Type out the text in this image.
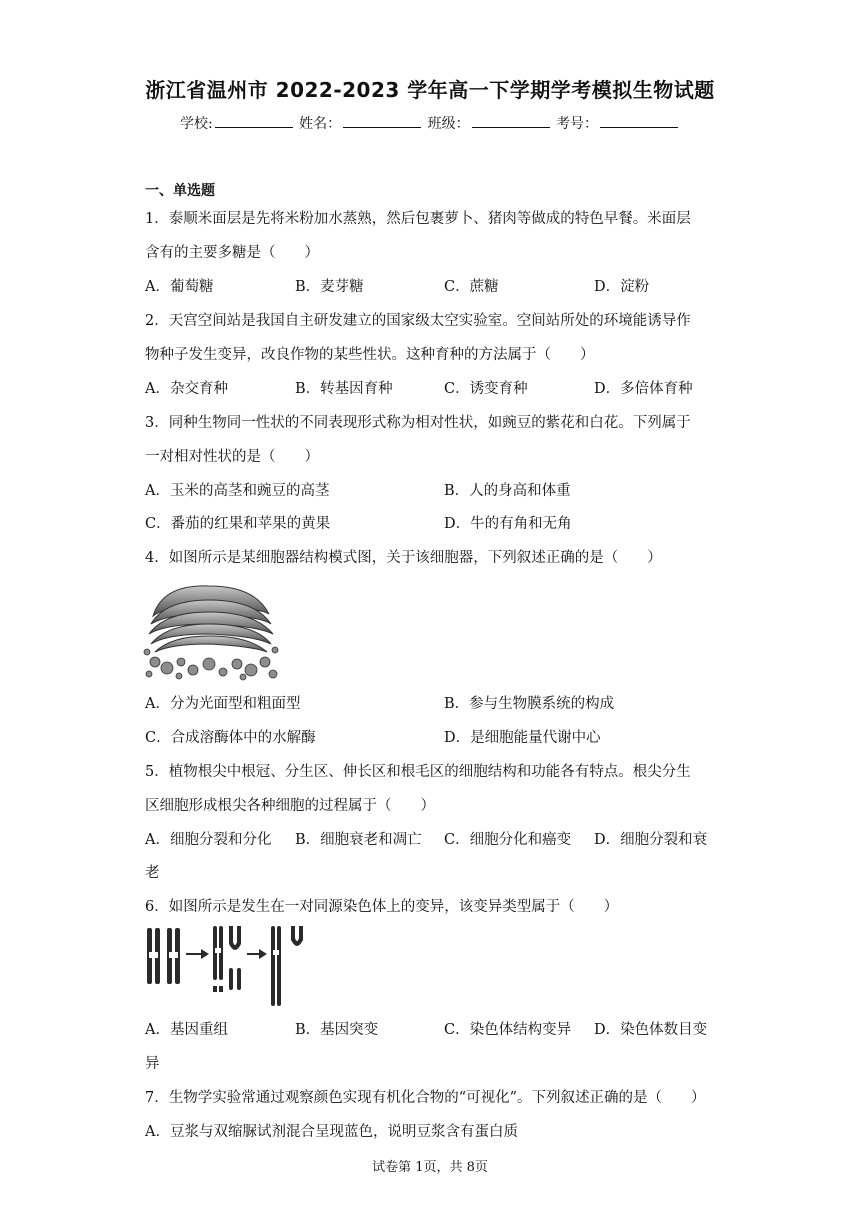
浙江省温州市 2022-2023 学年高一下学期学考模拟生物试题
学校:	姓名：	班级：	考号：
一、单选题
1．泰顺米面层是先将米粉加水蒸熟，然后包裹萝卜、猪肉等做成的特色早餐。米面层
含有的主要多糖是（　　）
A．葡萄糖	B．麦芽糖	C．蔗糖	D．淀粉
2．天宫空间站是我国自主研发建立的国家级太空实验室。空间站所处的环境能诱导作
物种子发生变异，改良作物的某些性状。这种育种的方法属于（　　）
A．杂交育种	B．转基因育种	C．诱变育种	D．多倍体育种
3．同种生物同一性状的不同表现形式称为相对性状，如豌豆的紫花和白花。下列属于
一对相对性状的是（　　）
A．玉米的高茎和豌豆的高茎	B．人的身高和体重
C．番茄的红果和苹果的黄果	D．牛的有角和无角
4．如图所示是某细胞器结构模式图，关于该细胞器，下列叙述正确的是（　　）
A．分为光面型和粗面型	B．参与生物膜系统的构成
C．合成溶酶体中的水解酶	D．是细胞能量代谢中心
5．植物根尖中根冠、分生区、伸长区和根毛区的细胞结构和功能各有特点。根尖分生
区细胞形成根尖各种细胞的过程属于（　　）
A．细胞分裂和分化 B．细胞衰老和凋亡 C．细胞分化和癌变 D．细胞分裂和衰
老
6．如图所示是发生在一对同源染色体上的变异，该变异类型属于（　　）
A．基因重组	B．基因突变	C．染色体结构变异 D．染色体数目变
异
7．生物学实验常通过观察颜色实现有机化合物的“可视化”。下列叙述正确的是（　　）
A．豆浆与双缩脲试剂混合呈现蓝色，说明豆浆含有蛋白质
试卷第 1页，共 8页
